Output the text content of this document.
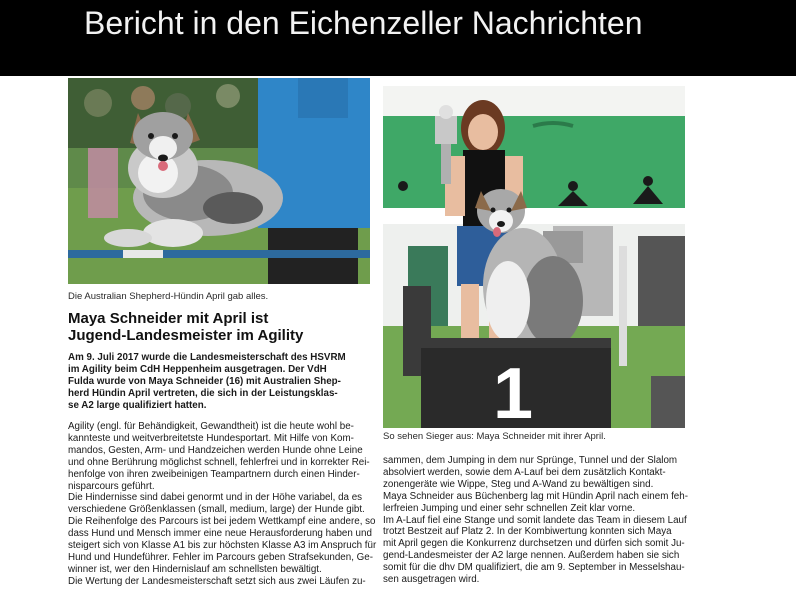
Bericht in den Eichenzeller Nachrichten
1
Die Australian Shepherd-Hündin April gab alles.
So sehen Sieger aus: Maya Schneider mit ihrer April.
Maya Schneider mit April ist
Jugend-Landesmeister im Agility
Am 9. Juli 2017 wurde die Landesmeisterschaft des HSVRM
im Agility beim CdH Heppenheim ausgetragen. Der VdH
Fulda wurde von Maya Schneider (16) mit Australien Shep-
herd Hündin April vertreten, die sich in der Leistungsklas-
se A2 large qualifiziert hatten.
Agility (engl. für Behändigkeit, Gewandtheit) ist die heute wohl be-
kannteste und weitverbreitetste Hundesportart. Mit Hilfe von Kom-
mandos, Gesten, Arm- und Handzeichen werden Hunde ohne Leine
und ohne Berührung möglichst schnell, fehlerfrei und in korrekter Rei-
henfolge von ihren zweibeinigen Teampartnern durch einen Hinder-
nisparcours geführt.
Die Hindernisse sind dabei genormt und in der Höhe variabel, da es
verschiedene Größenklassen (small, medium, large) der Hunde gibt.
Die Reihenfolge des Parcours ist bei jedem Wettkampf eine andere, so
dass Hund und Mensch immer eine neue Herausforderung haben und
steigert sich von Klasse A1 bis zur höchsten Klasse A3 im Anspruch für
Hund und Hundeführer. Fehler im Parcours geben Strafsekunden, Ge-
winner ist, wer den Hindernislauf am schnellsten bewältigt.
Die Wertung der Landesmeisterschaft setzt sich aus zwei Läufen zu-
sammen, dem Jumping in dem nur Sprünge, Tunnel und der Slalom
absolviert werden, sowie dem A-Lauf bei dem zusätzlich Kontakt-
zonengeräte wie Wippe, Steg und A-Wand zu bewältigen sind.
Maya Schneider aus Büchenberg lag mit Hündin April nach einem feh-
lerfreien Jumping und einer sehr schnellen Zeit klar vorne.
Im A-Lauf fiel eine Stange und somit landete das Team in diesem Lauf
trotzt Bestzeit auf Platz 2. In der Kombiwertung konnten sich Maya
mit April gegen die Konkurrenz durchsetzen und dürfen sich somit Ju-
gend-Landesmeister der A2 large nennen. Außerdem haben sie sich
somit für die dhv DM qualifiziert, die am 9. September in Messelshau-
sen ausgetragen wird.
